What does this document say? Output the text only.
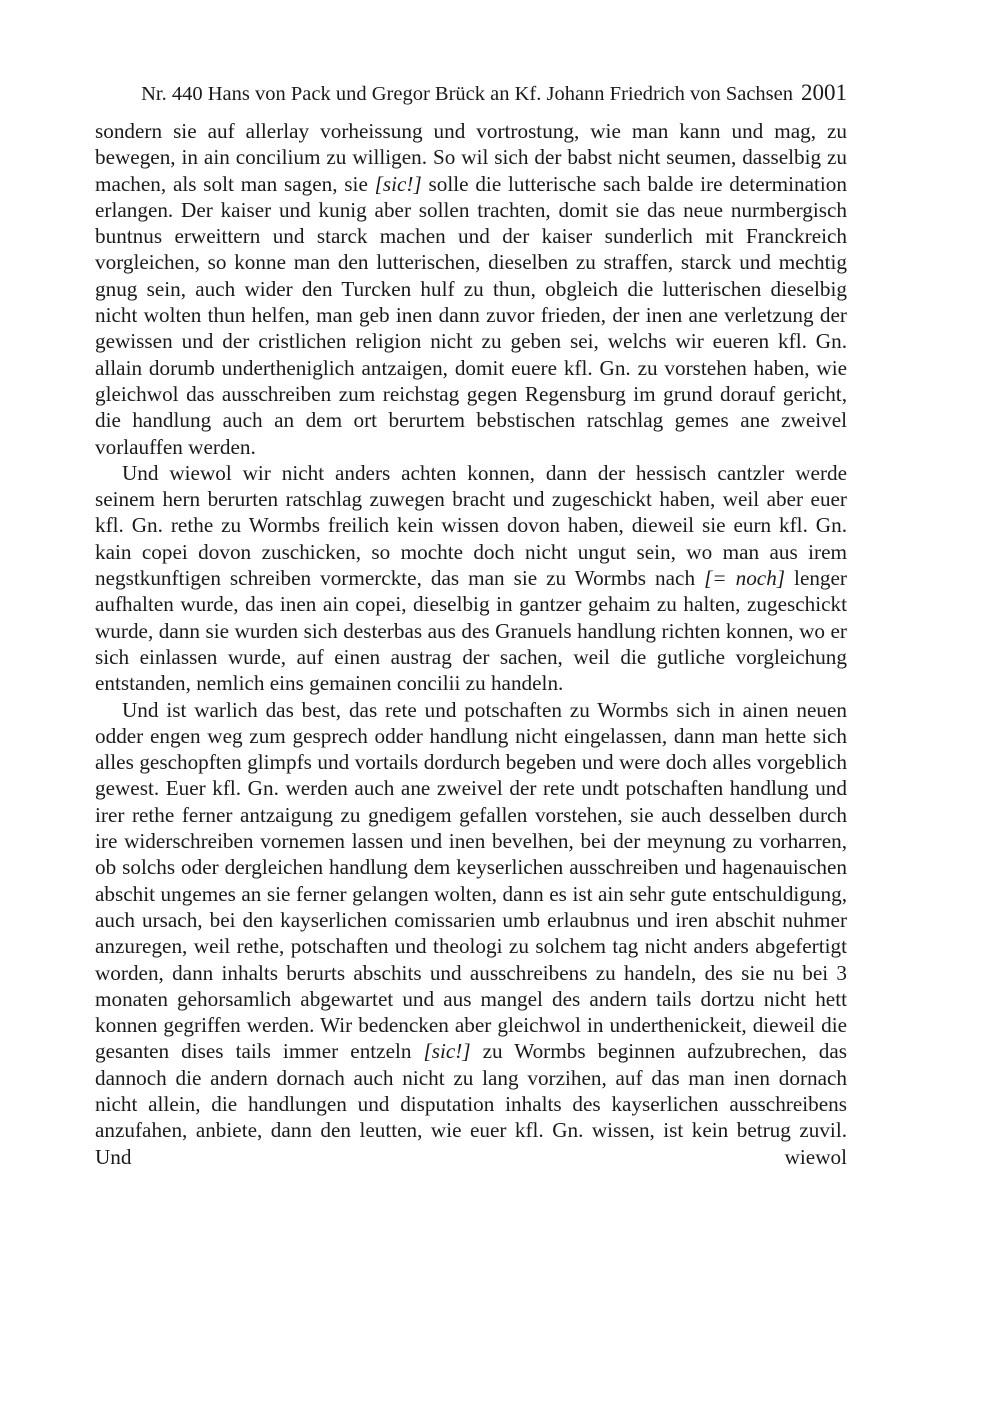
Nr. 440 Hans von Pack und Gregor Brück an Kf. Johann Friedrich von Sachsen 2001

sondern sie auf allerlay vorheissung und vortrostung, wie man kann und mag, zu bewegen, in ain concilium zu willigen. So wil sich der babst nicht seumen, dasselbig zu machen, als solt man sagen, sie [sic!] solle die lutterische sach balde ire determination erlangen. Der kaiser und kunig aber sollen trachten, domit sie das neue nurmbergisch buntnus erweittern und starck machen und der kaiser sunderlich mit Franckreich vorgleichen, so konne man den lutterischen, dieselben zu straffen, starck und mechtig gnug sein, auch wider den Turcken hulf zu thun, obgleich die lutterischen dieselbig nicht wolten thun helfen, man geb inen dann zuvor frieden, der inen ane verletzung der gewissen und der cristlichen religion nicht zu geben sei, welchs wir eueren kfl. Gn. allain dorumb undertheniglich antzaigen, domit euere kfl. Gn. zu vorstehen haben, wie gleichwol das ausschreiben zum reichstag gegen Regensburg im grund dorauf gericht, die handlung auch an dem ort berurtem bebstischen ratschlag gemes ane zweivel vorlauffen werden.

Und wiewol wir nicht anders achten konnen, dann der hessisch cantzler werde seinem hern berurten ratschlag zuwegen bracht und zugeschickt haben, weil aber euer kfl. Gn. rethe zu Wormbs freilich kein wissen dovon haben, dieweil sie eurn kfl. Gn. kain copei dovon zuschicken, so mochte doch nicht ungut sein, wo man aus irem negstkunftigen schreiben vormerckte, das man sie zu Wormbs nach [= noch] lenger aufhalten wurde, das inen ain copei, dieselbig in gantzer gehaim zu halten, zugeschickt wurde, dann sie wurden sich desterbas aus des Granuels handlung richten konnen, wo er sich einlassen wurde, auf einen austrag der sachen, weil die gutliche vorgleichung entstanden, nemlich eins gemainen concilii zu handeln.

Und ist warlich das best, das rete und potschaften zu Wormbs sich in ainen neuen odder engen weg zum gesprech odder handlung nicht eingelassen, dann man hette sich alles geschopften glimpfs und vortails dordurch begeben und were doch alles vorgeblich gewest. Euer kfl. Gn. werden auch ane zweivel der rete undt potschaften handlung und irer rethe ferner antzaigung zu gnedigem gefallen vorstehen, sie auch desselben durch ire widerschreiben vornemen lassen und inen bevelhen, bei der meynung zu vorharren, ob solchs oder dergleichen handlung dem keyserlichen ausschreiben und hagenauischen abschit ungemes an sie ferner gelangen wolten, dann es ist ain sehr gute entschuldigung, auch ursach, bei den kayserlichen comissarien umb erlaubnus und iren abschit nuhmer anzuregen, weil rethe, potschaften und theologi zu solchem tag nicht anders abgefertigt worden, dann inhalts berurts abschits und ausschreibens zu handeln, des sie nu bei 3 monaten gehorsamlich abgewartet und aus mangel des andern tails dortzu nicht hett konnen gegriffen werden. Wir bedencken aber gleichwol in underthenickeit, dieweil die gesanten dises tails immer entzeln [sic!] zu Wormbs beginnen aufzubrechen, das dannoch die andern dornach auch nicht zu lang vorzihen, auf das man inen dornach nicht allein, die handlungen und disputation inhalts des kayserlichen ausschreibens anzufahen, anbiete, dann den leutten, wie euer kfl. Gn. wissen, ist kein betrug zuvil. Und wiewol
